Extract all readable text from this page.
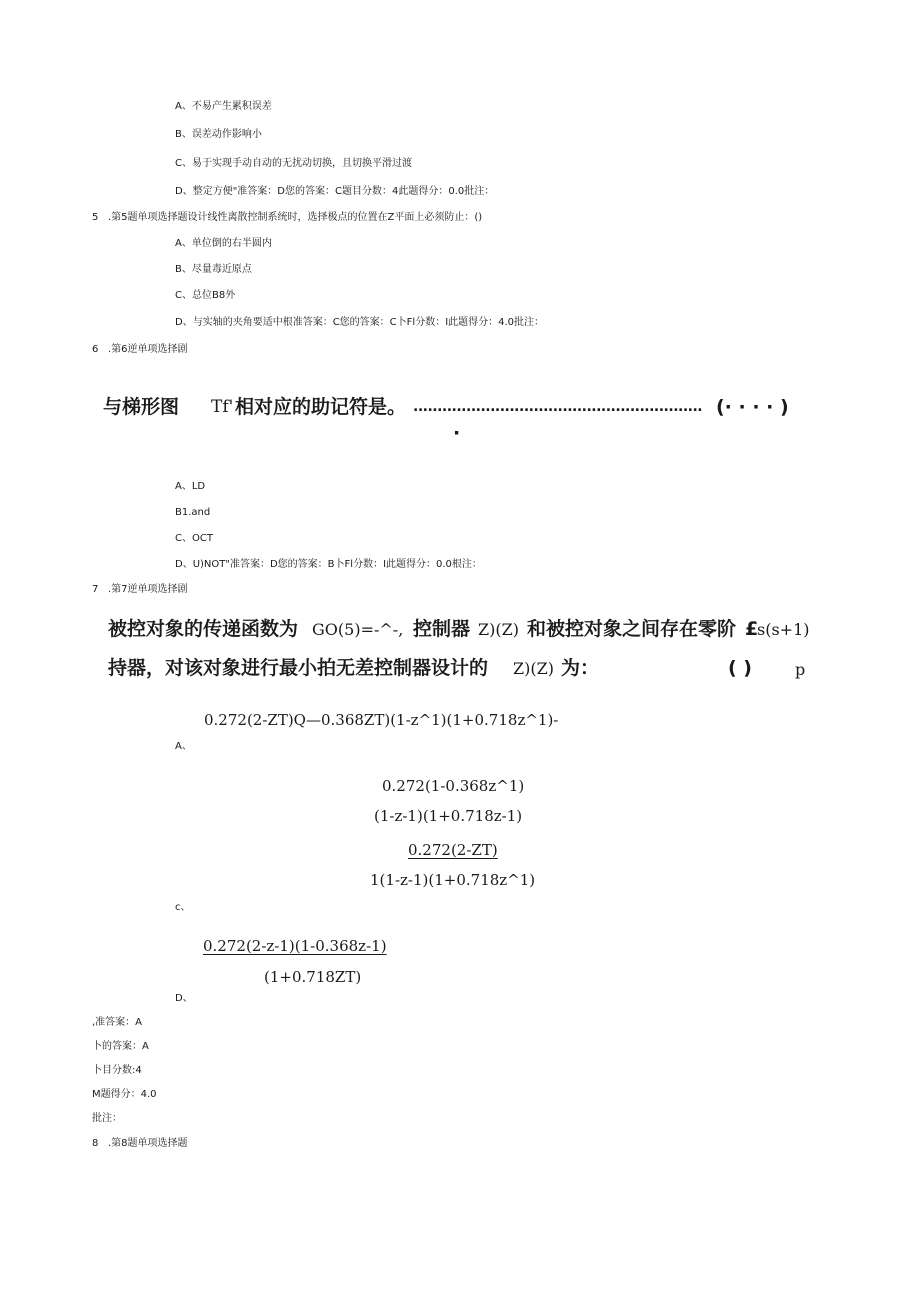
A、不易产生累积误差
B、误差动作影响小
C、易于实现手动自动的无扰动切换，且切换平滑过渡
D、整定方便"准答案：D您的答案：C题目分数：4此题得分：0.0批注：
5 .第5题单项选择题设计线性离散控制系统时，选择极点的位置在Z平面上必须防止：()
A、单位倒的右半圆内
B、尽量毒近原点
C、总位B8外
D、与实轴的夹角要适中根准答案：C您的答案：C卜Fl分数：I此题得分：4.0批注：
6 .第6逆单项选择剧
与梯形图 Tf' 相对应的助记符是。 ............................................................ (· · · · )
·
A、LD
B1.and
C、OCT
D、U)NOT"准答案：D您的答案：B卜Fl分数：I此题得分：0.0根注：
7 .第7逆单项选择剧
被控对象的传递函数为 GO(5)=-^-, 控制器 Z)(Z) 和被控对象之间存在零阶 £
s(s+1)
持器，对该对象进行最小拍无差控制器设计的 Z)(Z) 为：	( )	p
0.272(2-ZT)Q—0.368ZT)(1-z^1)(1+0.718z^1)-
A、
0.272(1-0.368z^1)
(1-z-1)(1+0.718z-1)
0.272(2-ZT)
1(1-z-1)(1+0.718z^1)
c、
0.272(2-z-1)(1-0.368z-1)
(1+0.718ZT)
D、
,准答案：A
卜的答案：A
卜目分数:4
M题得分：4.0
批注：
8 .第8题单项选择题
